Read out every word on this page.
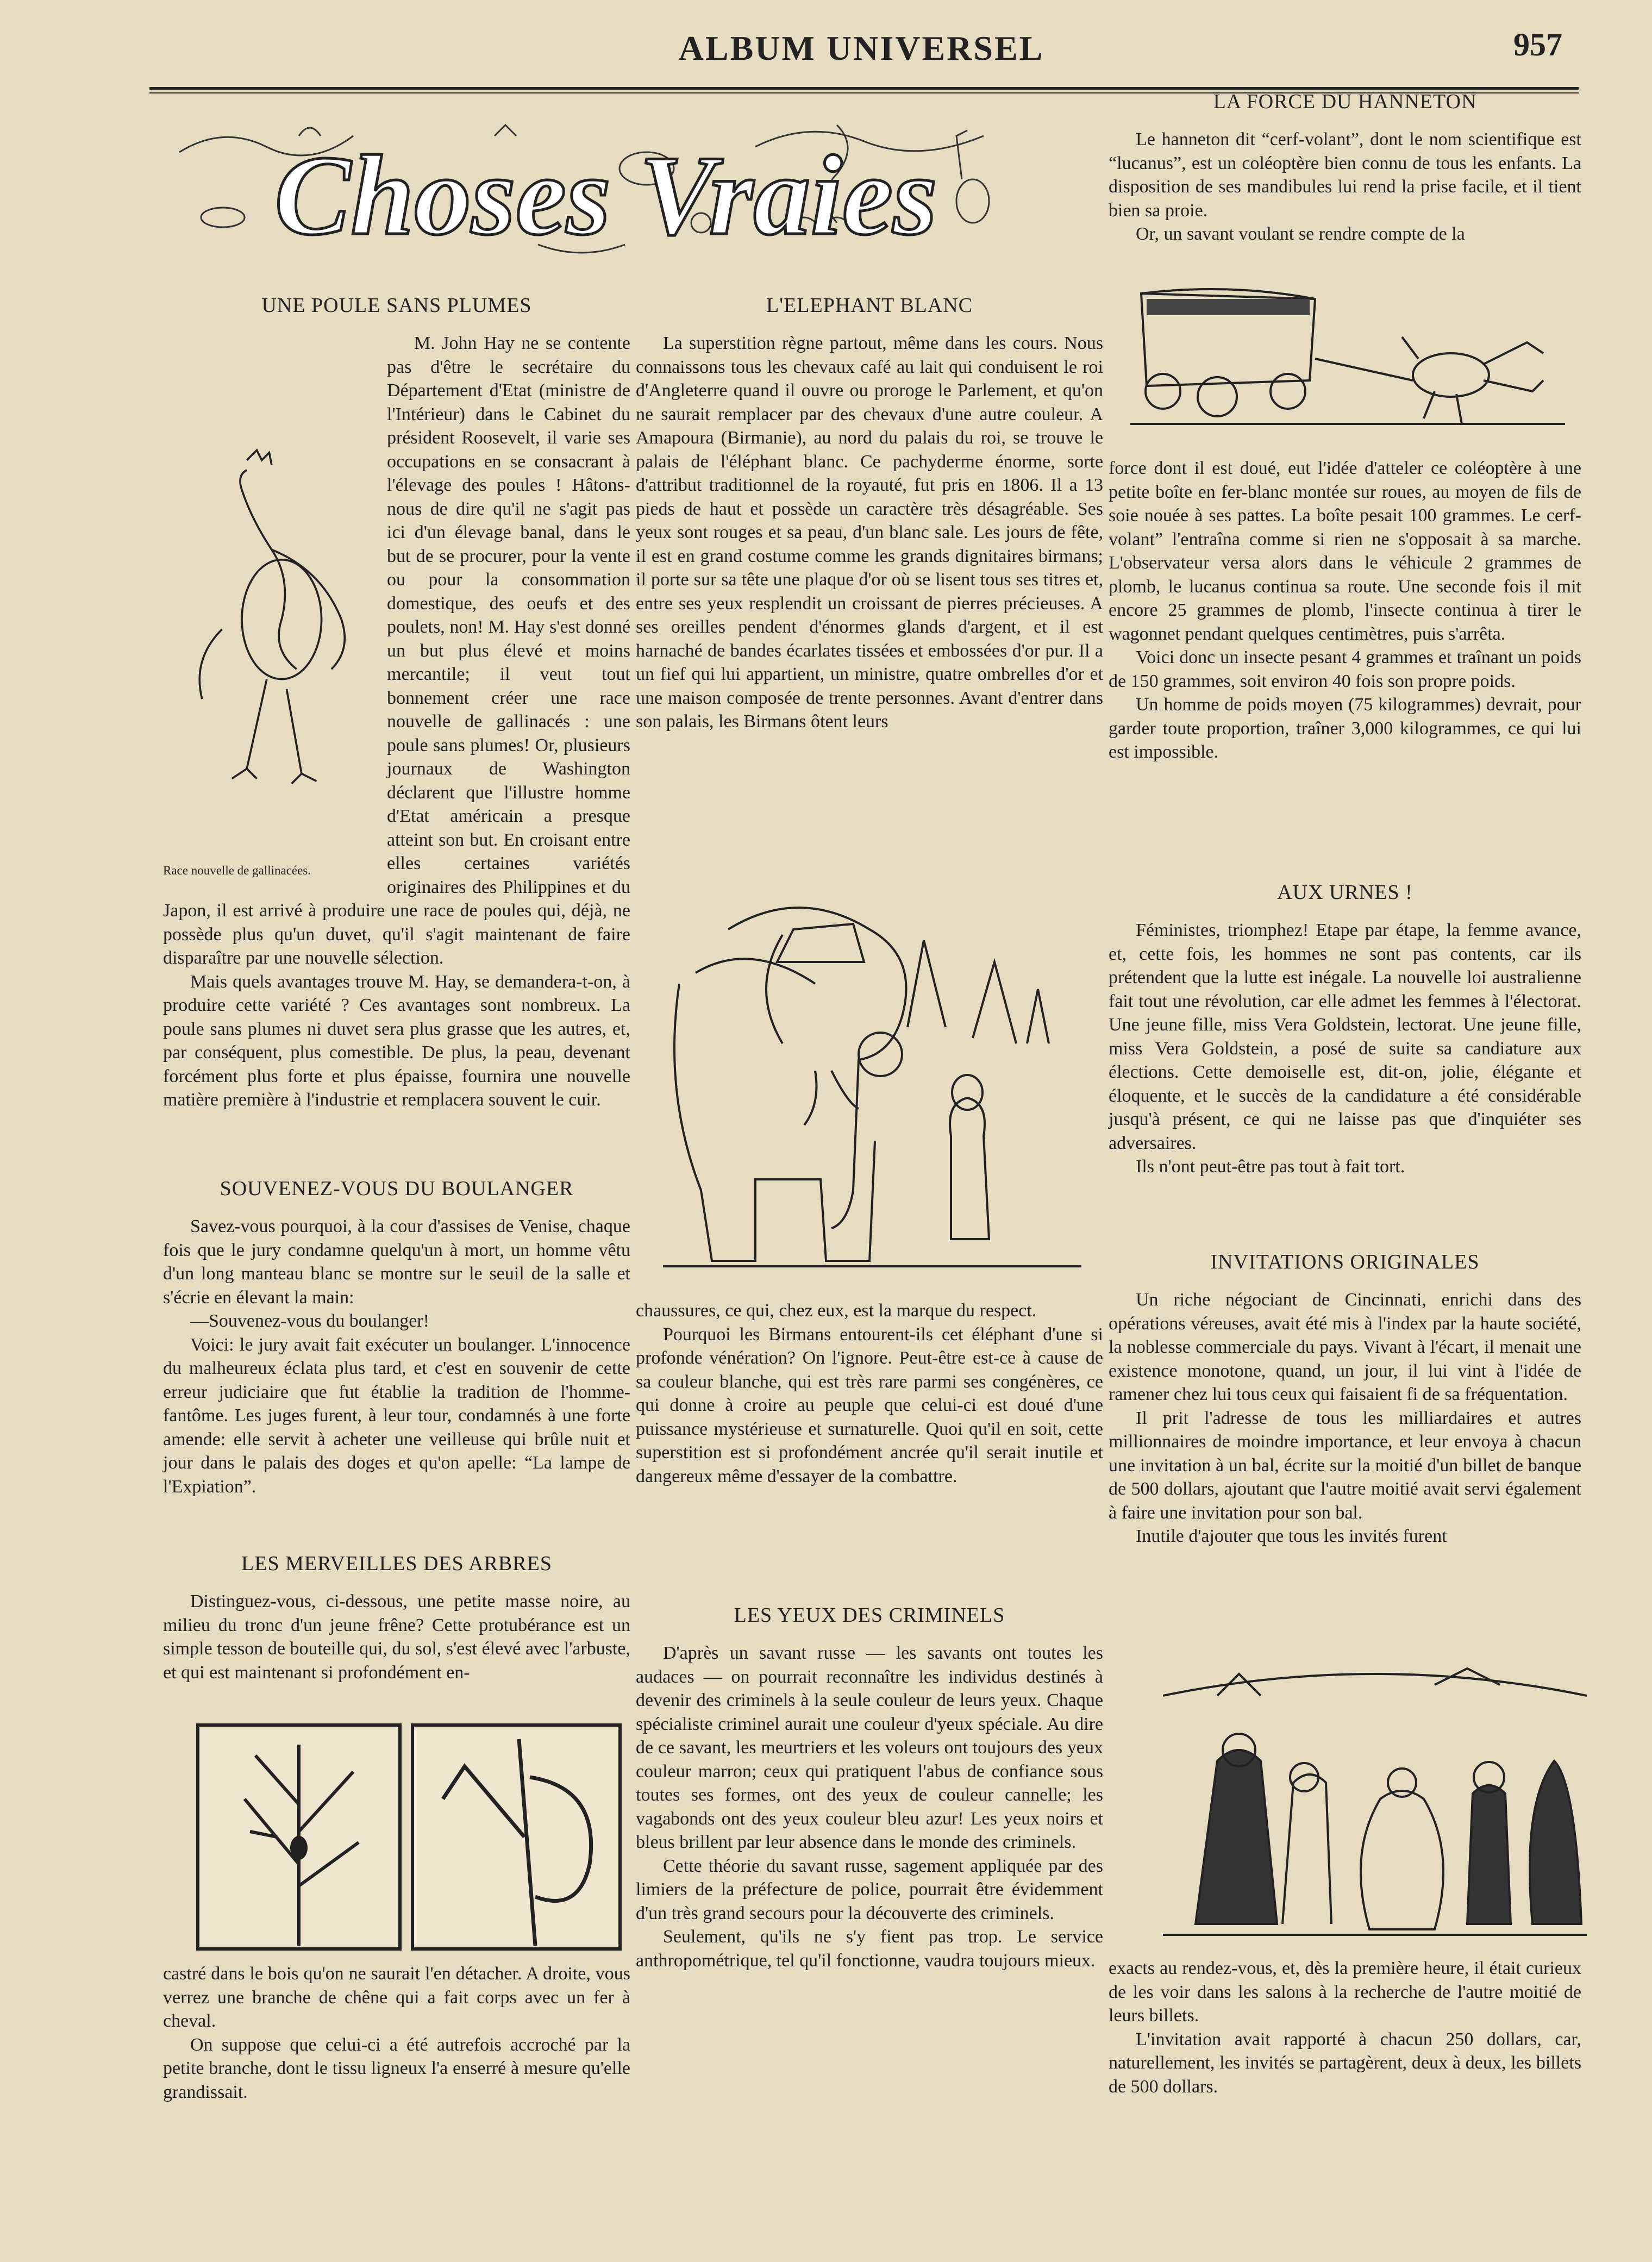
ALBUM UNIVERSEL	957
Choses Vraies
UNE POULE SANS PLUMES
Race nouvelle de gallinacées.

M. John Hay ne se contente pas d'être le secrétaire du Département d'Etat (ministre de l'Intérieur) dans le Cabinet du président Roosevelt, il varie ses occupations en se consacrant à l'élevage des poules ! Hâtons-nous de dire qu'il ne s'agit pas ici d'un élevage banal, dans le but de se procurer, pour la vente ou pour la consommation domestique, des oeufs et des poulets, non! M. Hay s'est donné un but plus élevé et moins mercantile; il veut tout bonnement créer une race nouvelle de gallinacés : une poule sans plumes! Or, plusieurs journaux de Washington déclarent que l'illustre homme d'Etat américain a presque atteint son but. En croisant entre elles certaines variétés originaires des Philippines et du Japon, il est arrivé à produire une race de poules qui, déjà, ne possède plus qu'un duvet, qu'il s'agit maintenant de faire disparaître par une nouvelle sélection.

Mais quels avantages trouve M. Hay, se demandera-t-on, à produire cette variété ? Ces avantages sont nombreux. La poule sans plumes ni duvet sera plus grasse que les autres, et, par conséquent, plus comestible. De plus, la peau, devenant forcément plus forte et plus épaisse, fournira une nouvelle matière première à l'industrie et remplacera souvent le cuir.

SOUVENEZ-VOUS DU BOULANGER

Savez-vous pourquoi, à la cour d'assises de Venise, chaque fois que le jury condamne quelqu'un à mort, un homme vêtu d'un long manteau blanc se montre sur le seuil de la salle et s'écrie en élevant la main:

—Souvenez-vous du boulanger!

Voici: le jury avait fait exécuter un boulanger. L'innocence du malheureux éclata plus tard, et c'est en souvenir de cette erreur judiciaire que fut établie la tradition de l'homme-fantôme. Les juges furent, à leur tour, condamnés à une forte amende: elle servit à acheter une veilleuse qui brûle nuit et jour dans le palais des doges et qu'on apelle: “La lampe de l'Expiation”.

LES MERVEILLES DES ARBRES

Distinguez-vous, ci-dessous, une petite masse noire, au milieu du tronc d'un jeune frêne? Cette protubérance est un simple tesson de bouteille qui, du sol, s'est élevé avec l'arbuste, et qui est maintenant si profondément en-

castré dans le bois qu'on ne saurait l'en détacher. A droite, vous verrez une branche de chêne qui a fait corps avec un fer à cheval.

On suppose que celui-ci a été autrefois accroché par la petite branche, dont le tissu ligneux l'a enserré à mesure qu'elle grandissait.

L'ELEPHANT BLANC

La superstition règne partout, même dans les cours. Nous connaissons tous les chevaux café au lait qui conduisent le roi d'Angleterre quand il ouvre ou proroge le Parlement, et qu'on ne saurait remplacer par des chevaux d'une autre couleur. A Amapoura (Birmanie), au nord du palais du roi, se trouve le palais de l'éléphant blanc. Ce pachyderme énorme, sorte d'attribut traditionnel de la royauté, fut pris en 1806. Il a 13 pieds de haut et possède un caractère très désagréable. Ses yeux sont rouges et sa peau, d'un blanc sale. Les jours de fête, il est en grand costume comme les grands dignitaires birmans; il porte sur sa tête une plaque d'or où se lisent tous ses titres et, entre ses yeux resplendit un croissant de pierres précieuses. A ses oreilles pendent d'énormes glands d'argent, et il est harnaché de bandes écarlates tissées et embossées d'or pur. Il a un fief qui lui appartient, un ministre, quatre ombrelles d'or et une maison composée de trente personnes. Avant d'entrer dans son palais, les Birmans ôtent leurs

chaussures, ce qui, chez eux, est la marque du respect.

Pourquoi les Birmans entourent-ils cet éléphant d'une si profonde vénération? On l'ignore. Peut-être est-ce à cause de sa couleur blanche, qui est très rare parmi ses congénères, ce qui donne à croire au peuple que celui-ci est doué d'une puissance mystérieuse et surnaturelle. Quoi qu'il en soit, cette superstition est si profondément ancrée qu'il serait inutile et dangereux même d'essayer de la combattre.

LES YEUX DES CRIMINELS

D'après un savant russe — les savants ont toutes les audaces — on pourrait reconnaître les individus destinés à devenir des criminels à la seule couleur de leurs yeux. Chaque spécialiste criminel aurait une couleur d'yeux spéciale. Au dire de ce savant, les meurtriers et les voleurs ont toujours des yeux couleur marron; ceux qui pratiquent l'abus de confiance sous toutes ses formes, ont des yeux de couleur cannelle; les vagabonds ont des yeux couleur bleu azur! Les yeux noirs et bleus brillent par leur absence dans le monde des criminels.

Cette théorie du savant russe, sagement appliquée par des limiers de la préfecture de police, pourrait être évidemment d'un très grand secours pour la découverte des criminels.

Seulement, qu'ils ne s'y fient pas trop. Le service anthropométrique, tel qu'il fonctionne, vaudra toujours mieux.

LA FORCE DU HANNETON

Le hanneton dit “cerf-volant”, dont le nom scientifique est “lucanus”, est un coléoptère bien connu de tous les enfants. La disposition de ses mandibules lui rend la prise facile, et il tient bien sa proie.

Or, un savant voulant se rendre compte de la

force dont il est doué, eut l'idée d'atteler ce coléoptère à une petite boîte en fer-blanc montée sur roues, au moyen de fils de soie nouée à ses pattes. La boîte pesait 100 grammes. Le cerf-volant” l'entraîna comme si rien ne s'opposait à sa marche. L'observateur versa alors dans le véhicule 2 grammes de plomb, le lucanus continua sa route. Une seconde fois il mit encore 25 grammes de plomb, l'insecte continua à tirer le wagonnet pendant quelques centimètres, puis s'arrêta.

Voici donc un insecte pesant 4 grammes et traînant un poids de 150 grammes, soit environ 40 fois son propre poids.

Un homme de poids moyen (75 kilogrammes) devrait, pour garder toute proportion, traîner 3,000 kilogrammes, ce qui lui est impossible.

AUX URNES !

Féministes, triomphez! Etape par étape, la femme avance, et, cette fois, les hommes ne sont pas contents, car ils prétendent que la lutte est inégale. La nouvelle loi australienne fait tout une révolution, car elle admet les femmes à l'électorat. Une jeune fille, miss Vera Goldstein, lectorat. Une jeune fille, miss Vera Goldstein, a posé de suite sa candiature aux élections. Cette demoiselle est, dit-on, jolie, élégante et éloquente, et le succès de la candidature a été considérable jusqu'à présent, ce qui ne laisse pas que d'inquiéter ses adversaires.

Ils n'ont peut-être pas tout à fait tort.

INVITATIONS ORIGINALES

Un riche négociant de Cincinnati, enrichi dans des opérations véreuses, avait été mis à l'index par la haute société, la noblesse commerciale du pays. Vivant à l'écart, il menait une existence monotone, quand, un jour, il lui vint à l'idée de ramener chez lui tous ceux qui faisaient fi de sa fréquentation.

Il prit l'adresse de tous les milliardaires et autres millionnaires de moindre importance, et leur envoya à chacun une invitation à un bal, écrite sur la moitié d'un billet de banque de 500 dollars, ajoutant que l'autre moitié avait servi également à faire une invitation pour son bal.

Inutile d'ajouter que tous les invités furent

exacts au rendez-vous, et, dès la première heure, il était curieux de les voir dans les salons à la recherche de l'autre moitié de leurs billets.

L'invitation avait rapporté à chacun 250 dollars, car, naturellement, les invités se partagèrent, deux à deux, les billets de 500 dollars.
